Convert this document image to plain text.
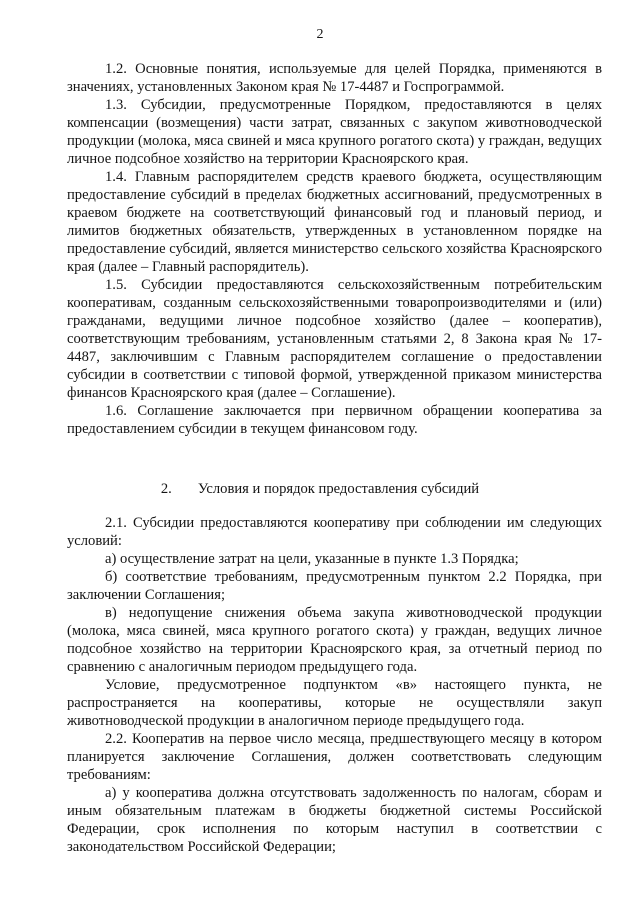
2

1.2. Основные понятия, используемые для целей Порядка, применяются в значениях, установленных Законом края № 17-4487 и Госпрограммой.

1.3. Субсидии, предусмотренные Порядком, предоставляются в целях компенсации (возмещения) части затрат, связанных с закупом животноводческой продукции (молока, мяса свиней и мяса крупного рогатого скота) у граждан, ведущих личное подсобное хозяйство на территории Красноярского края.

1.4. Главным распорядителем средств краевого бюджета, осуществляющим предоставление субсидий в пределах бюджетных ассигнований, предусмотренных в краевом бюджете на соответствующий финансовый год и плановый период, и лимитов бюджетных обязательств, утвержденных в установленном порядке на предоставление субсидий, является министерство сельского хозяйства Красноярского края (далее – Главный распорядитель).

1.5. Субсидии предоставляются сельскохозяйственным потребительским кооперативам, созданным сельскохозяйственными товаропроизводителями и (или) гражданами, ведущими личное подсобное хозяйство (далее – кооператив), соответствующим требованиям, установленным статьями 2, 8 Закона края № 17-4487, заключившим с Главным распорядителем соглашение о предоставлении субсидии в соответствии с типовой формой, утвержденной приказом министерства финансов Красноярского края (далее – Соглашение).

1.6. Соглашение заключается при первичном обращении кооператива за предоставлением субсидии в текущем финансовом году.

2. Условия и порядок предоставления субсидий

2.1. Субсидии предоставляются кооперативу при соблюдении им следующих условий:

а) осуществление затрат на цели, указанные в пункте 1.3 Порядка;

б) соответствие требованиям, предусмотренным пунктом 2.2 Порядка, при заключении Соглашения;

в) недопущение снижения объема закупа животноводческой продукции (молока, мяса свиней, мяса крупного рогатого скота) у граждан, ведущих личное подсобное хозяйство на территории Красноярского края, за отчетный период по сравнению с аналогичным периодом предыдущего года.

Условие, предусмотренное подпунктом «в» настоящего пункта, не распространяется на кооперативы, которые не осуществляли закуп животноводческой продукции в аналогичном периоде предыдущего года.

2.2. Кооператив на первое число месяца, предшествующего месяцу в котором планируется заключение Соглашения, должен соответствовать следующим требованиям:

а) у кооператива должна отсутствовать задолженность по налогам, сборам и иным обязательным платежам в бюджеты бюджетной системы Российской Федерации, срок исполнения по которым наступил в соответствии с законодательством Российской Федерации;
